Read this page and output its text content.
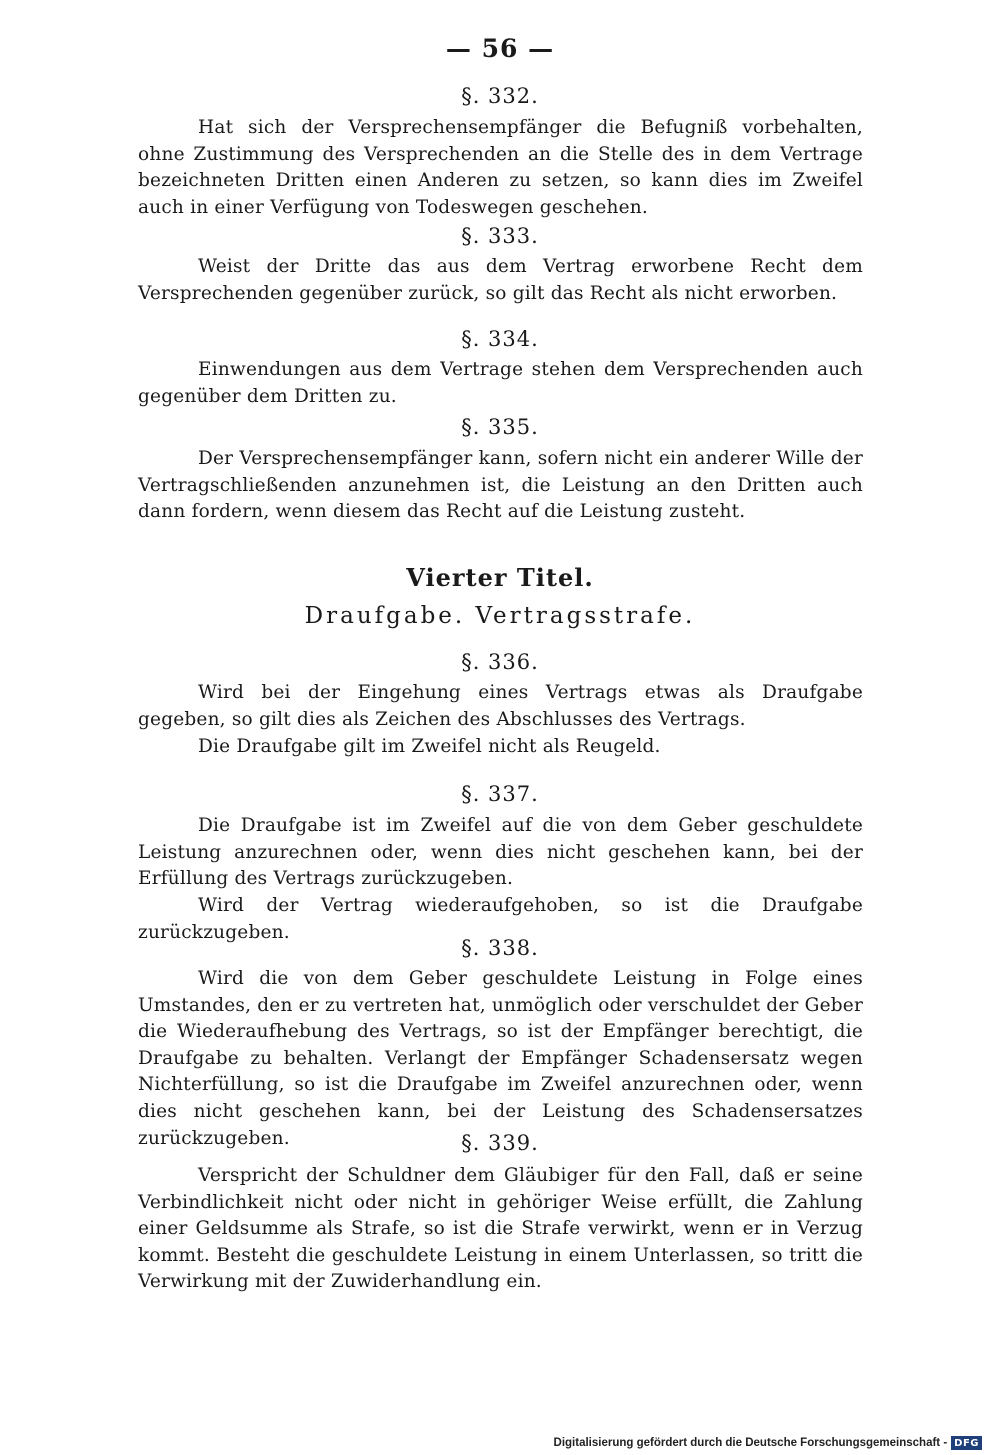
— 56 —
§. 332.
Hat sich der Versprechensempfänger die Befugniß vorbehalten, ohne Zustimmung des Versprechenden an die Stelle des in dem Vertrage bezeichneten Dritten einen Anderen zu setzen, so kann dies im Zweifel auch in einer Verfügung von Todeswegen geschehen.
§. 333.
Weist der Dritte das aus dem Vertrag erworbene Recht dem Versprechenden gegenüber zurück, so gilt das Recht als nicht erworben.
§. 334.
Einwendungen aus dem Vertrage stehen dem Versprechenden auch gegenüber dem Dritten zu.
§. 335.
Der Versprechensempfänger kann, sofern nicht ein anderer Wille der Vertragschließenden anzunehmen ist, die Leistung an den Dritten auch dann fordern, wenn diesem das Recht auf die Leistung zusteht.
Vierter Titel.
Draufgabe. Vertragsstrafe.
§. 336.
Wird bei der Eingehung eines Vertrags etwas als Draufgabe gegeben, so gilt dies als Zeichen des Abschlusses des Vertrags.
Die Draufgabe gilt im Zweifel nicht als Reugeld.
§. 337.
Die Draufgabe ist im Zweifel auf die von dem Geber geschuldete Leistung anzurechnen oder, wenn dies nicht geschehen kann, bei der Erfüllung des Vertrags zurückzugeben.
Wird der Vertrag wiederaufgehoben, so ist die Draufgabe zurückzugeben.
§. 338.
Wird die von dem Geber geschuldete Leistung in Folge eines Umstandes, den er zu vertreten hat, unmöglich oder verschuldet der Geber die Wiederaufhebung des Vertrags, so ist der Empfänger berechtigt, die Draufgabe zu behalten. Verlangt der Empfänger Schadensersatz wegen Nichterfüllung, so ist die Draufgabe im Zweifel anzurechnen oder, wenn dies nicht geschehen kann, bei der Leistung des Schadensersatzes zurückzugeben.	§. 339.
Verspricht der Schuldner dem Gläubiger für den Fall, daß er seine Verbindlichkeit nicht oder nicht in gehöriger Weise erfüllt, die Zahlung einer Geldsumme als Strafe, so ist die Strafe verwirkt, wenn er in Verzug kommt. Besteht die geschuldete Leistung in einem Unterlassen, so tritt die Verwirkung mit der Zuwiderhandlung ein.
Digitalisierung gefördert durch die Deutsche Forschungsgemeinschaft - DFG
